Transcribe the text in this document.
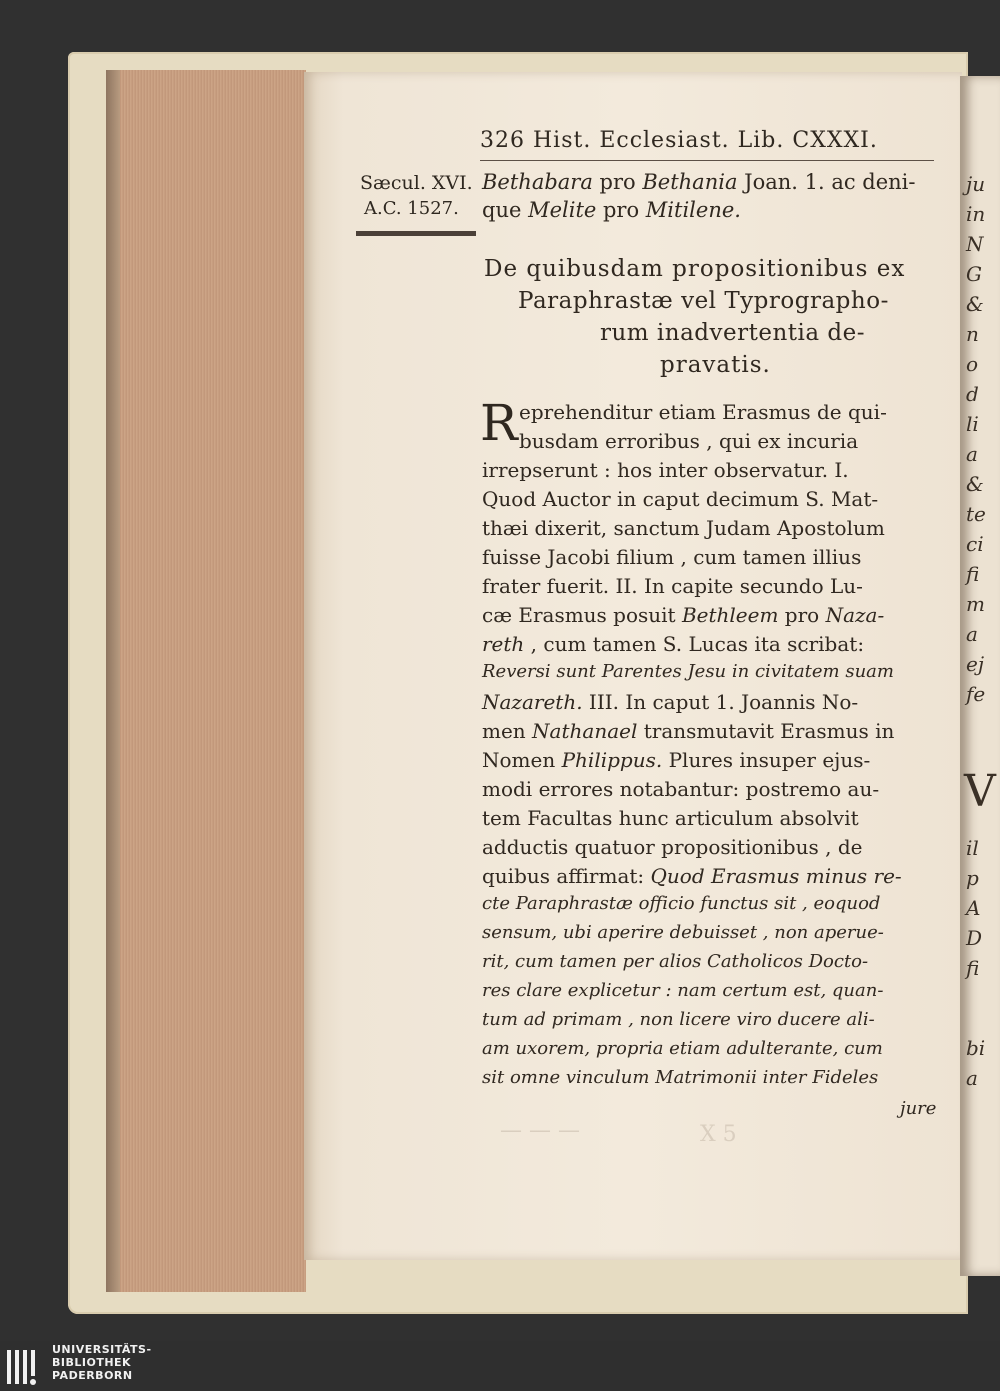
ju
in
N
G
&
n
o
d
li
a
&
te
ci
fi
m
a
ej
fe
V
il
p
A
D
fi
bi
a
— — —	X 5
326 Hist. Ecclesiast. Lib. CXXXI.
Sæcul. XVI.
A.C. 1527.
Bethabara pro Bethania Joan. 1. ac deni-
que Melite pro Mitilene.
De quibusdam propositionibus ex
Paraphrastæ vel Typrographo-
rum inadvertentia de-
pravatis.
R eprehenditur etiam Erasmus de qui-
busdam erroribus , qui ex incuria
irrepserunt : hos inter observatur. I.
Quod Auctor in caput decimum S. Mat-
thæi dixerit, sanctum Judam Apostolum
fuisse Jacobi filium , cum tamen illius
frater fuerit. II. In capite secundo Lu-
cæ Erasmus posuit Bethleem pro Naza-
reth , cum tamen S. Lucas ita scribat:
Reversi sunt Parentes Jesu in civitatem suam
Nazareth. III. In caput 1. Joannis No-
men Nathanael transmutavit Erasmus in
Nomen Philippus. Plures insuper ejus-
modi errores notabantur: postremo au-
tem Facultas hunc articulum absolvit
adductis quatuor propositionibus , de
quibus affirmat: Quod Erasmus minus re-
cte Paraphrastæ officio functus sit , eoquod
sensum, ubi aperire debuisset , non aperue-
rit, cum tamen per alios Catholicos Docto-
res clare explicetur : nam certum est, quan-
tum ad primam , non licere viro ducere ali-
am uxorem, propria etiam adulterante, cum
sit omne vinculum Matrimonii inter Fideles
jure
UNIVERSITÄTS-
BIBLIOTHEK
PADERBORN
